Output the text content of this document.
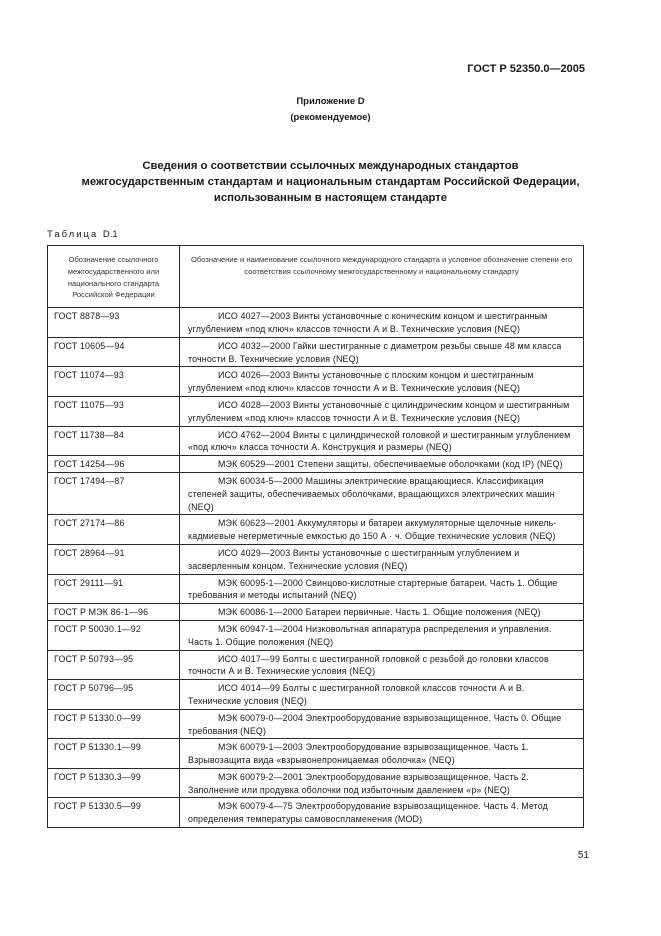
ГОСТ Р 52350.0—2005
Приложение D
(рекомендуемое)
Сведения о соответствии ссылочных международных стандартов
межгосударственным стандартам и национальным стандартам Российской Федерации,
использованным в настоящем стандарте
Таблица D.1
Обозначение ссылочного межгосударственного или национального стандарта Российской Федерации	Обозначение и наименование ссылочного международного стандарта и условное обозначение степени его соответствия ссылочному межгосударственному и национальному стандарту
ГОСТ 8878—93	ИСО 4027—2003 Винты установочные с коническим концом и шестигранным углублением «под ключ» классов точности А и В. Технические условия (NEQ)
ГОСТ 10605—94	ИСО 4032—2000 Гайки шестигранные с диаметром резьбы свыше 48 мм класса точности В. Технические условия (NEQ)
ГОСТ 11074—93	ИСО 4026—2003 Винты установочные с плоским концом и шестигранным углублением «под ключ» классов точности А и В. Технические условия (NEQ)
ГОСТ 11075—93	ИСО 4028—2003 Винты установочные с цилиндрическим концом и шестигранным углублением «под ключ» классов точности А и В. Технические условия (NEQ)
ГОСТ 11738—84	ИСО 4762—2004 Винты с цилиндрической головкой и шестигранным углублением «под ключ» класса точности А. Конструкция и размеры (NEQ)
ГОСТ 14254—96	МЭК 60529—2001 Степени защиты, обеспечиваемые оболочками (код IP) (NEQ)
ГОСТ 17494—87	МЭК 60034-5—2000 Машины электрические вращающиеся. Классификация степеней защиты, обеспечиваемых оболочками, вращающихся электрических машин (NEQ)
ГОСТ 27174—86	МЭК 60623—2001 Аккумуляторы и батареи аккумуляторные щелочные никель-кадмиевые негерметичные емкостью до 150 А · ч. Общие технические условия (NEQ)
ГОСТ 28964—91	ИСО 4029—2003 Винты установочные с шестигранным углублением и засверленным концом. Технические условия (NEQ)
ГОСТ 29111—91	МЭК 60095-1—2000 Свинцово-кислотные стартерные батареи. Часть 1. Общие требования и методы испытаний (NEQ)
ГОСТ Р МЭК 86-1—96	МЭК 60086-1—2000 Батареи первичные. Часть 1. Общие положения (NEQ)
ГОСТ Р 50030.1—92	МЭК 60947-1—2004 Низковольтная аппаратура распределения и управления. Часть 1. Общие положения (NEQ)
ГОСТ Р 50793—95	ИСО 4017—99 Болты с шестигранной головкой с резьбой до головки классов точности А и В. Технические условия (NEQ)
ГОСТ Р 50796—95	ИСО 4014—99 Болты с шестигранной головкой классов точности А и В. Технические условия (NEQ)
ГОСТ Р 51330.0—99	МЭК 60079-0—2004 Электрооборудование взрывозащищенное. Часть 0. Общие требования (NEQ)
ГОСТ Р 51330.1—99	МЭК 60079-1—2003 Электрооборудование взрывозащищенное. Часть 1. Взрывозащита вида «взрывонепроницаемая оболочка» (NEQ)
ГОСТ Р 51330.3—99	МЭК 60079-2—2001 Электрооборудование взрывозащищенное. Часть 2. Заполнение или продувка оболочки под избыточным давлением «р» (NEQ)
ГОСТ Р 51330.5—99	МЭК 60079-4—75 Электрооборудование взрывозащищенное. Часть 4. Метод определения температуры самовоспламенения (MOD)
51
